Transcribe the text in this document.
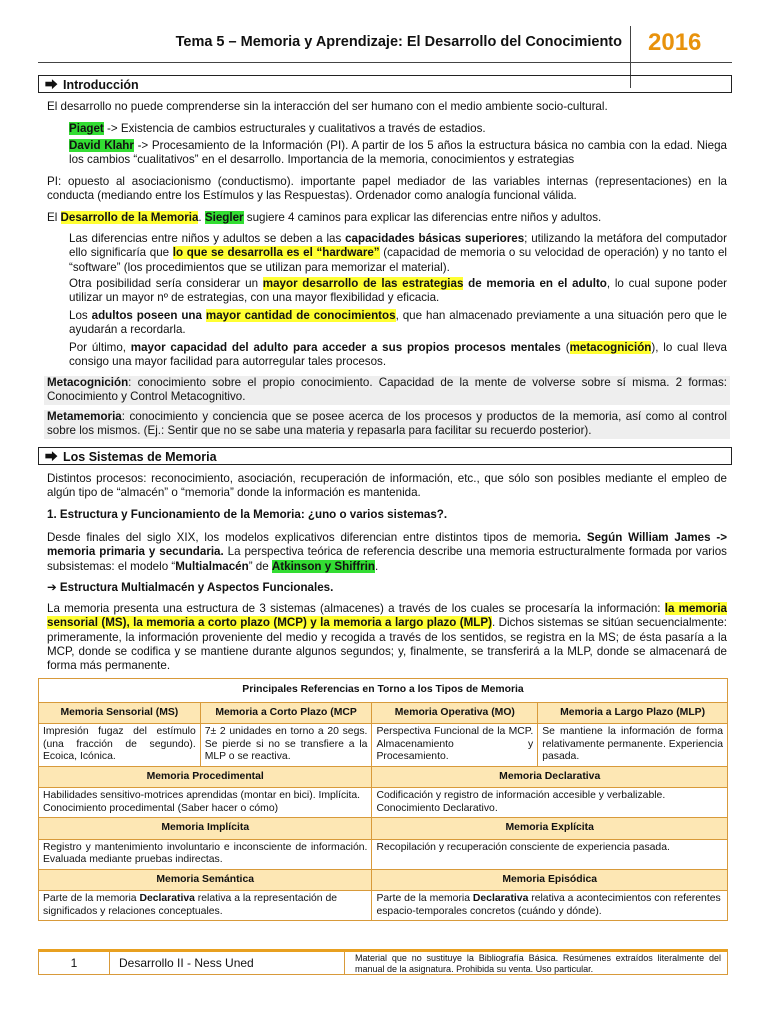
Tema 5 – Memoria y Aprendizaje: El Desarrollo del Conocimiento 2016
⮕ Introducción
El desarrollo no puede comprenderse sin la interacción del ser humano con el medio ambiente socio-cultural.
Piaget -> Existencia de cambios estructurales y cualitativos a través de estadios.
David Klahr -> Procesamiento de la Información (PI). A partir de los 5 años la estructura básica no cambia con la edad. Niega los cambios “cualitativos” en el desarrollo. Importancia de la memoria, conocimientos y estrategias
PI: opuesto al asociacionismo (conductismo). importante papel mediador de las variables internas (representaciones) en la conducta (mediando entre los Estímulos y las Respuestas). Ordenador como analogía funcional válida.
El Desarrollo de la Memoria. Siegler sugiere 4 caminos para explicar las diferencias entre niños y adultos.
Las diferencias entre niños y adultos se deben a las capacidades básicas superiores; utilizando la metáfora del computador ello significaría que lo que se desarrolla es el “hardware” (capacidad de memoria o su velocidad de operación) y no tanto el “software” (los procedimientos que se utilizan para memorizar el material).
Otra posibilidad sería considerar un mayor desarrollo de las estrategias de memoria en el adulto, lo cual supone poder utilizar un mayor nº de estrategias, con una mayor flexibilidad y eficacia.
Los adultos poseen una mayor cantidad de conocimientos, que han almacenado previamente a una situación pero que le ayudarán a recordarla.
Por último, mayor capacidad del adulto para acceder a sus propios procesos mentales (metacognición), lo cual lleva consigo una mayor facilidad para autorregular tales procesos.
Metacognición: conocimiento sobre el propio conocimiento. Capacidad de la mente de volverse sobre sí misma. 2 formas: Conocimiento y Control Metacognitivo.
Metamemoria: conocimiento y conciencia que se posee acerca de los procesos y productos de la memoria, así como al control sobre los mismos. (Ej.: Sentir que no se sabe una materia y repasarla para facilitar su recuerdo posterior).
⮕ Los Sistemas de Memoria
Distintos procesos: reconocimiento, asociación, recuperación de información, etc., que sólo son posibles mediante el empleo de algún tipo de “almacén” o “memoria” donde la información es mantenida.
1. Estructura y Funcionamiento de la Memoria: ¿uno o varios sistemas?.
Desde finales del siglo XIX, los modelos explicativos diferencian entre distintos tipos de memoria. Según William James -> memoria primaria y secundaria. La perspectiva teórica de referencia describe una memoria estructuralmente formada por varios subsistemas: el modelo “Multialmacén” de Atkinson y Shiffrin.
➔ Estructura Multialmacén y Aspectos Funcionales.
La memoria presenta una estructura de 3 sistemas (almacenes) a través de los cuales se procesaría la información: la memoria sensorial (MS), la memoria a corto plazo (MCP) y la memoria a largo plazo (MLP). Dichos sistemas se sitúan secuencialmente: primeramente, la información proveniente del medio y recogida a través de los sentidos, se registra en la MS; de ésta pasaría a la MCP, donde se codifica y se mantiene durante algunos segundos; y, finalmente, se transferirá a la MLP, donde se almacenará de forma más permanente.
Principales Referencias en Torno a los Tipos de Memoria			
Memoria Sensorial (MS)	Memoria a Corto Plazo (MCP	Memoria Operativa (MO)	Memoria a Largo Plazo (MLP)
Impresión fugaz del estímulo (una fracción de segundo). Ecoica, Icónica.	7± 2 unidades en torno a 20 segs. Se pierde si no se transfiere a la MLP o se reactiva.	Perspectiva Funcional de la MCP. Almacenamiento y Procesamiento.	Se mantiene la información de forma relativamente permanente. Experiencia pasada.
Memoria Procedimental		Memoria Declarativa	
Habilidades sensitivo-motrices aprendidas (montar en bici). Implícita. Conocimiento procedimental (Saber hacer o cómo)		Codificación y registro de información accesible y verbalizable. Conocimiento Declarativo.	
Memoria Implícita		Memoria Explícita	
Registro y mantenimiento involuntario e inconsciente de información. Evaluada mediante pruebas indirectas.		Recopilación y recuperación consciente de experiencia pasada.	
Memoria Semántica		Memoria Episódica	
Parte de la memoria Declarativa relativa a la representación de significados y relaciones conceptuales.		Parte de la memoria Declarativa relativa a acontecimientos con referentes espacio-temporales concretos (cuándo y dónde).	
1	Desarrollo II - Ness Uned	Material que no sustituye la Bibliografía Básica. Resúmenes extraídos literalmente del manual de la asignatura. Prohibida su venta. Uso particular.
